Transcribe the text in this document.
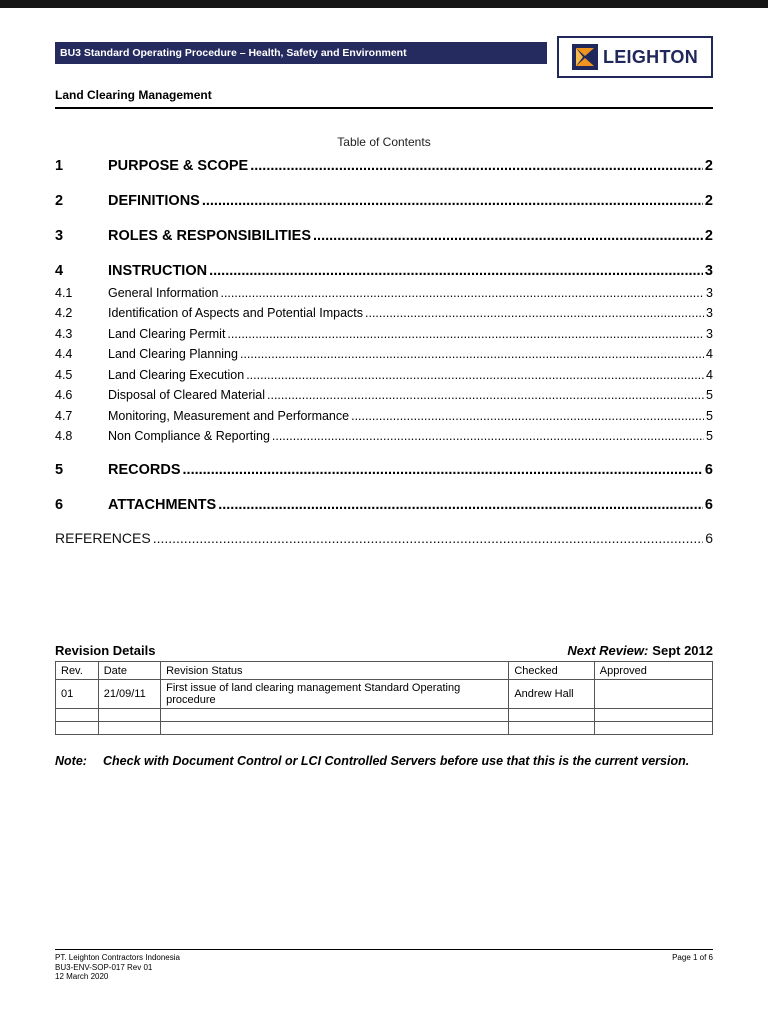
BU3 Standard Operating Procedure – Health, Safety and Environment	LEIGHTON
Land Clearing Management
Table of Contents
1	PURPOSE & SCOPE .....	2
2	DEFINITIONS .....	2
3	ROLES & RESPONSIBILITIES .....	2
4	INSTRUCTION .....	3
4.1	General Information .....	3
4.2	Identification of Aspects and Potential Impacts .....	3
4.3	Land Clearing Permit .....	3
4.4	Land Clearing Planning .....	4
4.5	Land Clearing Execution .....	4
4.6	Disposal of Cleared Material .....	5
4.7	Monitoring, Measurement and Performance .....	5
4.8	Non Compliance & Reporting .....	5
5	RECORDS .....	6
6	ATTACHMENTS .....	6
REFERENCES .....	6
Revision Details	Next Review: Sept 2012
Rev.	Date	Revision Status	Checked	Approved
01	21/09/11	First issue of land clearing management Standard Operating procedure	Andrew Hall	

Note:	Check with Document Control or LCI Controlled Servers before use that this is the current version.
PT. Leighton Contractors Indonesia
BU3-ENV-SOP-017 Rev 01
12 March 2020
Page 1 of 6
